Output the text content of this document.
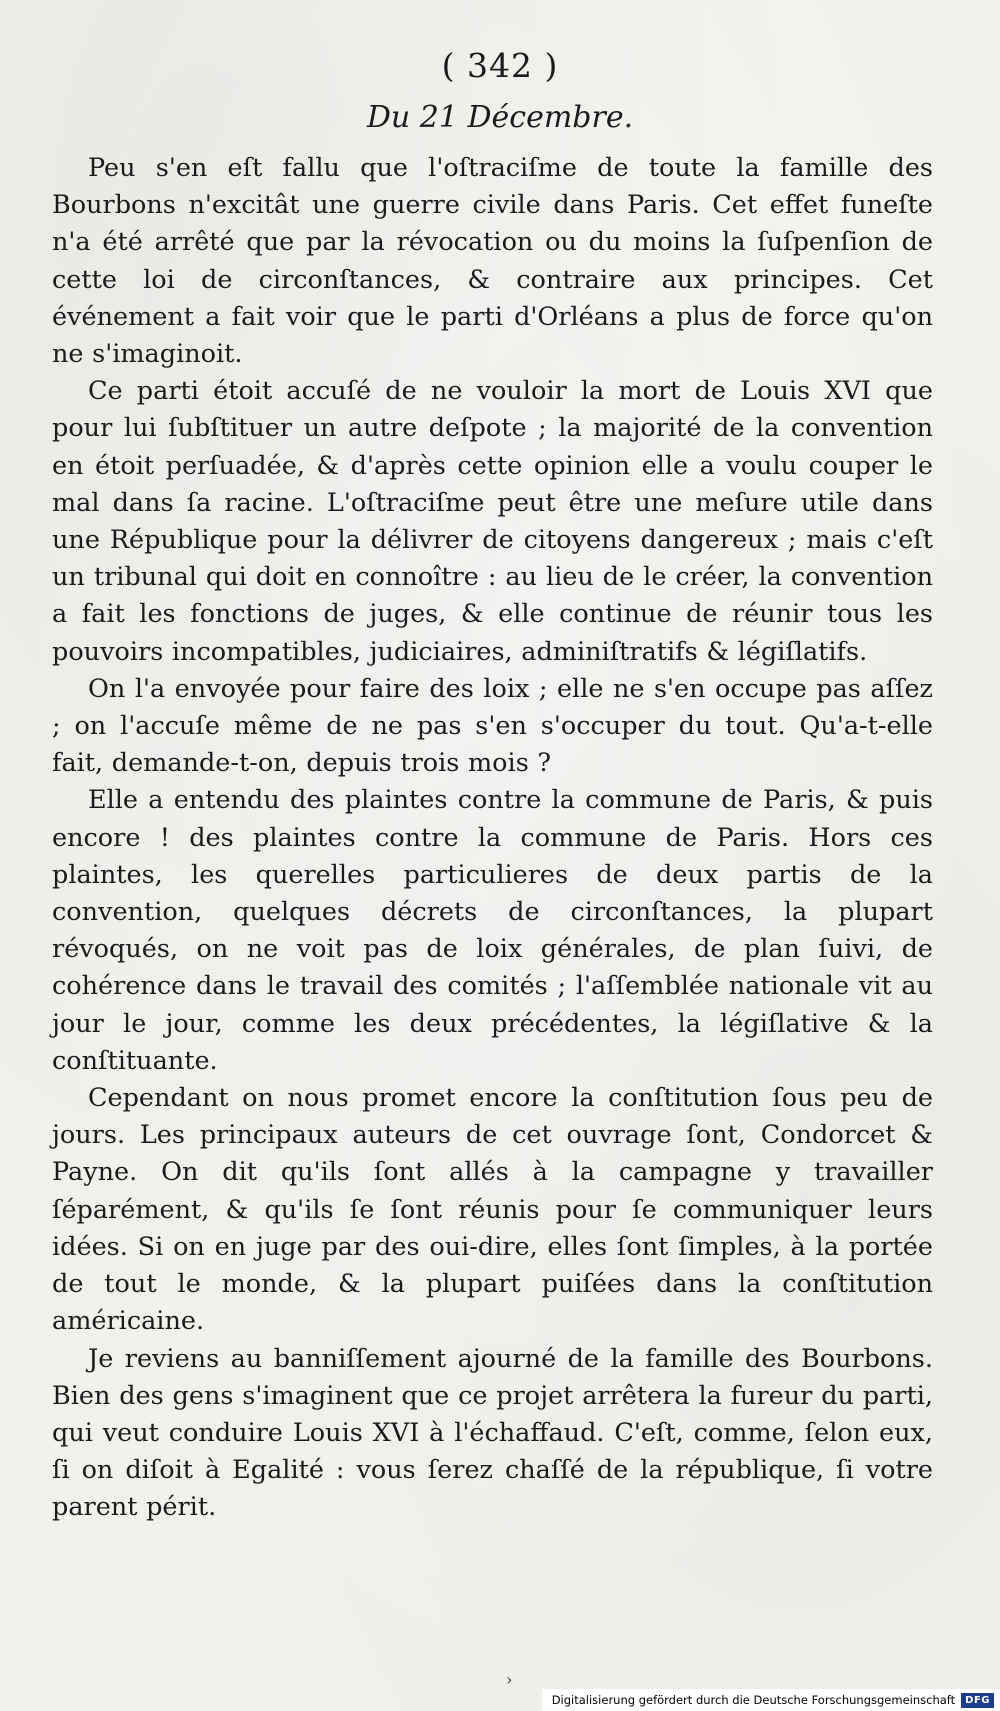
( 342 )
Du 21 Décembre.

Peu s'en eſt fallu que l'oſtraciſme de toute la famille des Bourbons n'excitât une guerre civile dans Paris. Cet effet funeſte n'a été arrêté que par la révocation ou du moins la ſuſpenſion de cette loi de circonſtances, & contraire aux principes. Cet événement a fait voir que le parti d'Orléans a plus de force qu'on ne s'imaginoit.

Ce parti étoit accuſé de ne vouloir la mort de Louis XVI que pour lui ſubſtituer un autre deſpote ; la majorité de la convention en étoit perſuadée, & d'après cette opinion elle a voulu couper le mal dans ſa racine. L'oſtraciſme peut être une meſure utile dans une République pour la délivrer de citoyens dangereux ; mais c'eſt un tribunal qui doit en connoître : au lieu de le créer, la convention a fait les fonctions de juges, & elle continue de réunir tous les pouvoirs incompatibles, judiciaires, adminiſtratifs & légiſlatifs.

On l'a envoyée pour faire des loix ; elle ne s'en occupe pas aſſez ; on l'accuſe même de ne pas s'en s'occuper du tout. Qu'a-t-elle fait, demande-t-on, depuis trois mois ?

Elle a entendu des plaintes contre la commune de Paris, & puis encore ! des plaintes contre la commune de Paris. Hors ces plaintes, les querelles particulieres de deux partis de la convention, quelques décrets de circonſtances, la plupart révoqués, on ne voit pas de loix générales, de plan ſuivi, de cohérence dans le travail des comités ; l'aſſemblée nationale vit au jour le jour, comme les deux précédentes, la légiſlative & la conſtituante.

Cependant on nous promet encore la conſtitution ſous peu de jours. Les principaux auteurs de cet ouvrage ſont, Condorcet & Payne. On dit qu'ils ſont allés à la campagne y travailler ſéparément, & qu'ils ſe ſont réunis pour ſe communiquer leurs idées. Si on en juge par des oui-dire, elles ſont ſimples, à la portée de tout le monde, & la plupart puiſées dans la conſtitution américaine.

Je reviens au banniſſement ajourné de la famille des Bourbons. Bien des gens s'imaginent que ce projet arrêtera la fureur du parti, qui veut conduire Louis XVI à l'échaffaud. C'eſt, comme, ſelon eux, ſi on diſoit à Egalité : vous ſerez chaſſé de la république, ſi votre parent périt.

›
Digitalisierung gefördert durch die Deutsche Forschungsgemeinschaft	DFG
